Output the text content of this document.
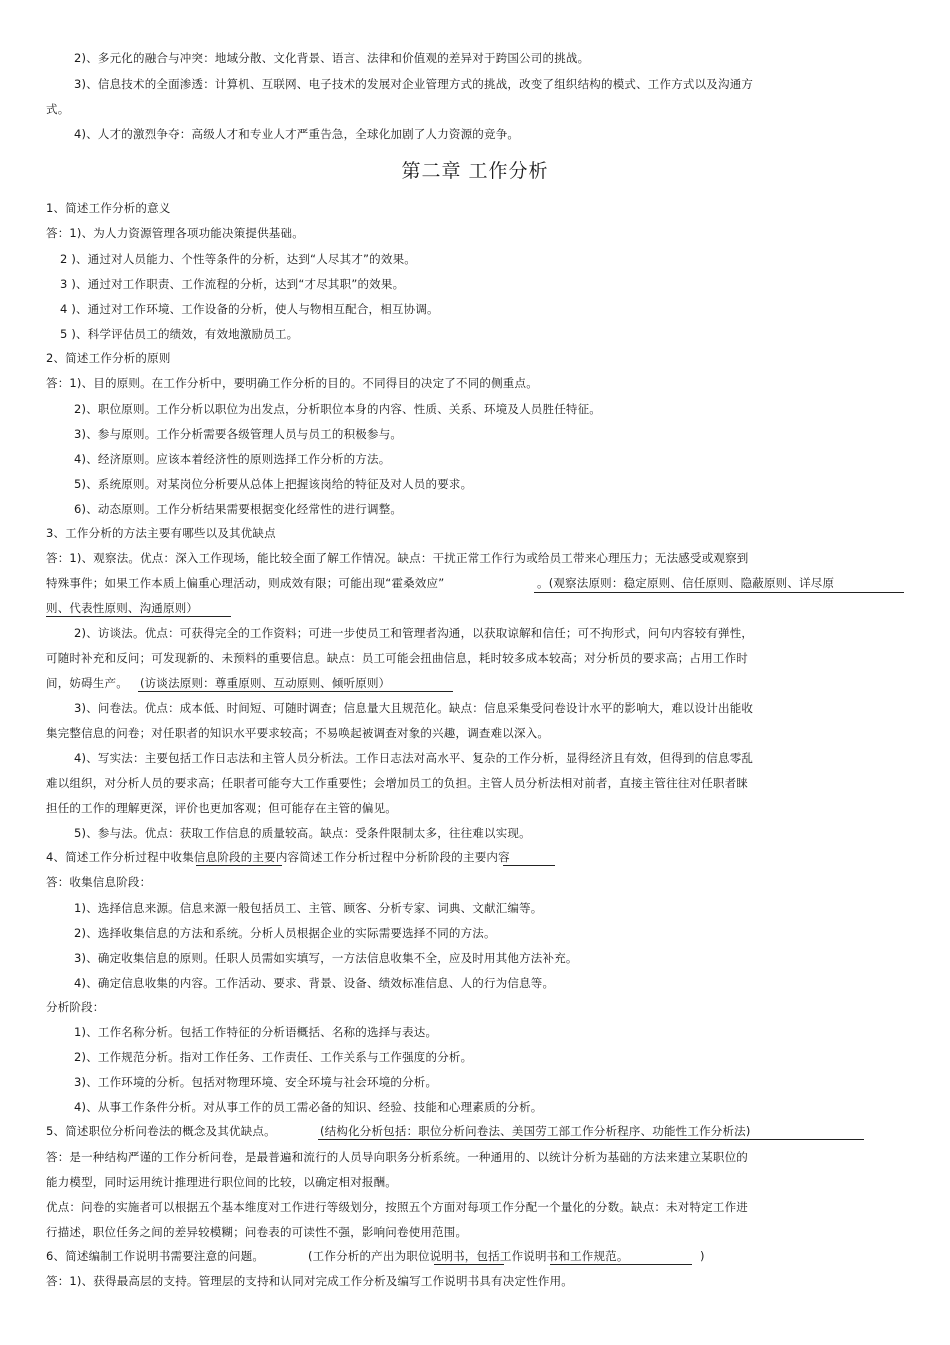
2)、多元化的融合与冲突：地域分散、文化背景、语言、法律和价值观的差异对于跨国公司的挑战。
3)、信息技术的全面渗透：计算机、互联网、电子技术的发展对企业管理方式的挑战，改变了组织结构的模式、工作方式以及沟通方
式。
4)、人才的激烈争夺：高级人才和专业人才严重告急，全球化加剧了人力资源的竞争。
第二章 工作分析
1、简述工作分析的意义
答：1)、为人力资源管理各项功能决策提供基础。
2 )、通过对人员能力、个性等条件的分析，达到“人尽其才”的效果。
3 )、通过对工作职责、工作流程的分析，达到“才尽其职”的效果。
4 )、通过对工作环境、工作设备的分析，使人与物相互配合，相互协调。
5 )、科学评估员工的绩效，有效地激励员工。
2、简述工作分析的原则
答：1)、目的原则。在工作分析中，要明确工作分析的目的。不同得目的决定了不同的侧重点。
2)、职位原则。工作分析以职位为出发点，分析职位本身的内容、性质、关系、环境及人员胜任特征。
3)、参与原则。工作分析需要各级管理人员与员工的积极参与。
4)、经济原则。应该本着经济性的原则选择工作分析的方法。
5)、系统原则。对某岗位分析要从总体上把握该岗给的特征及对人员的要求。
6)、动态原则。工作分析结果需要根据变化经常性的进行调整。
3、工作分析的方法主要有哪些以及其优缺点
答：1)、观察法。优点：深入工作现场，能比较全面了解工作情况。缺点：干扰正常工作行为或给员工带来心理压力；无法感受或观察到
特殊事件；如果工作本质上偏重心理活动，则成效有限；可能出现“霍桑效应”	。(观察法原则：稳定原则、信任原则、隐蔽原则、详尽原
则、代表性原则、沟通原则）
2)、访谈法。优点：可获得完全的工作资料；可进一步使员工和管理者沟通，以获取谅解和信任；可不拘形式，问句内容较有弹性，
可随时补充和反问；可发现新的、未预料的重要信息。缺点：员工可能会扭曲信息，耗时较多成本较高；对分析员的要求高；占用工作时
间，妨碍生产。 (访谈法原则：尊重原则、互动原则、倾听原则）
3)、问卷法。优点：成本低、时间短、可随时调查；信息量大且规范化。缺点：信息采集受问卷设计水平的影响大，难以设计出能收
集完整信息的问卷；对任职者的知识水平要求较高；不易唤起被调查对象的兴趣，调查难以深入。
4)、写实法：主要包括工作日志法和主管人员分析法。工作日志法对高水平、复杂的工作分析，显得经济且有效，但得到的信息零乱
难以组织，对分析人员的要求高；任职者可能夸大工作重要性；会增加员工的负担。主管人员分析法相对前者，直接主管往往对任职者睐
担任的工作的理解更深，评价也更加客观；但可能存在主管的偏见。
5)、参与法。优点：获取工作信息的质量较高。缺点：受条件限制太多，往往难以实现。
4、简述工作分析过程中收集信息阶段的主要内容简述工作分析过程中分析阶段的主要内容
答：收集信息阶段：
1)、选择信息来源。信息来源一般包括员工、主管、顾客、分析专家、词典、文献汇编等。
2)、选择收集信息的方法和系统。分析人员根据企业的实际需要选择不同的方法。
3)、确定收集信息的原则。任职人员需如实填写，一方法信息收集不全，应及时用其他方法补充。
4)、确定信息收集的内容。工作活动、要求、背景、设备、绩效标准信息、人的行为信息等。
分析阶段：
1)、工作名称分析。包括工作特征的分析语概括、名称的选择与表达。
2)、工作规范分析。指对工作任务、工作责任、工作关系与工作强度的分析。
3)、工作环境的分析。包括对物理环境、安全环境与社会环境的分析。
4)、从事工作条件分析。对从事工作的员工需必备的知识、经验、技能和心理素质的分析。
5、简述职位分析问卷法的概念及其优缺点。	(结构化分析包括：职位分析问卷法、美国劳工部工作分析程序、功能性工作分析法)
答：是一种结构严谨的工作分析问卷，是最普遍和流行的人员导向职务分析系统。一种通用的、以统计分析为基础的方法来建立某职位的
能力模型，同时运用统计推理进行职位间的比较，以确定相对报酬。
优点：问卷的实施者可以根据五个基本维度对工作进行等级划分，按照五个方面对每项工作分配一个量化的分数。缺点：未对特定工作进
行描述，职位任务之间的差异较模糊；问卷表的可读性不强，影响问卷使用范围。
6、简述编制工作说明书需要注意的问题。	(工作分析的产出为职位说明书，包括工作说明书和工作规范。	)
答：1)、获得最高层的支持。管理层的支持和认同对完成工作分析及编写工作说明书具有决定性作用。
